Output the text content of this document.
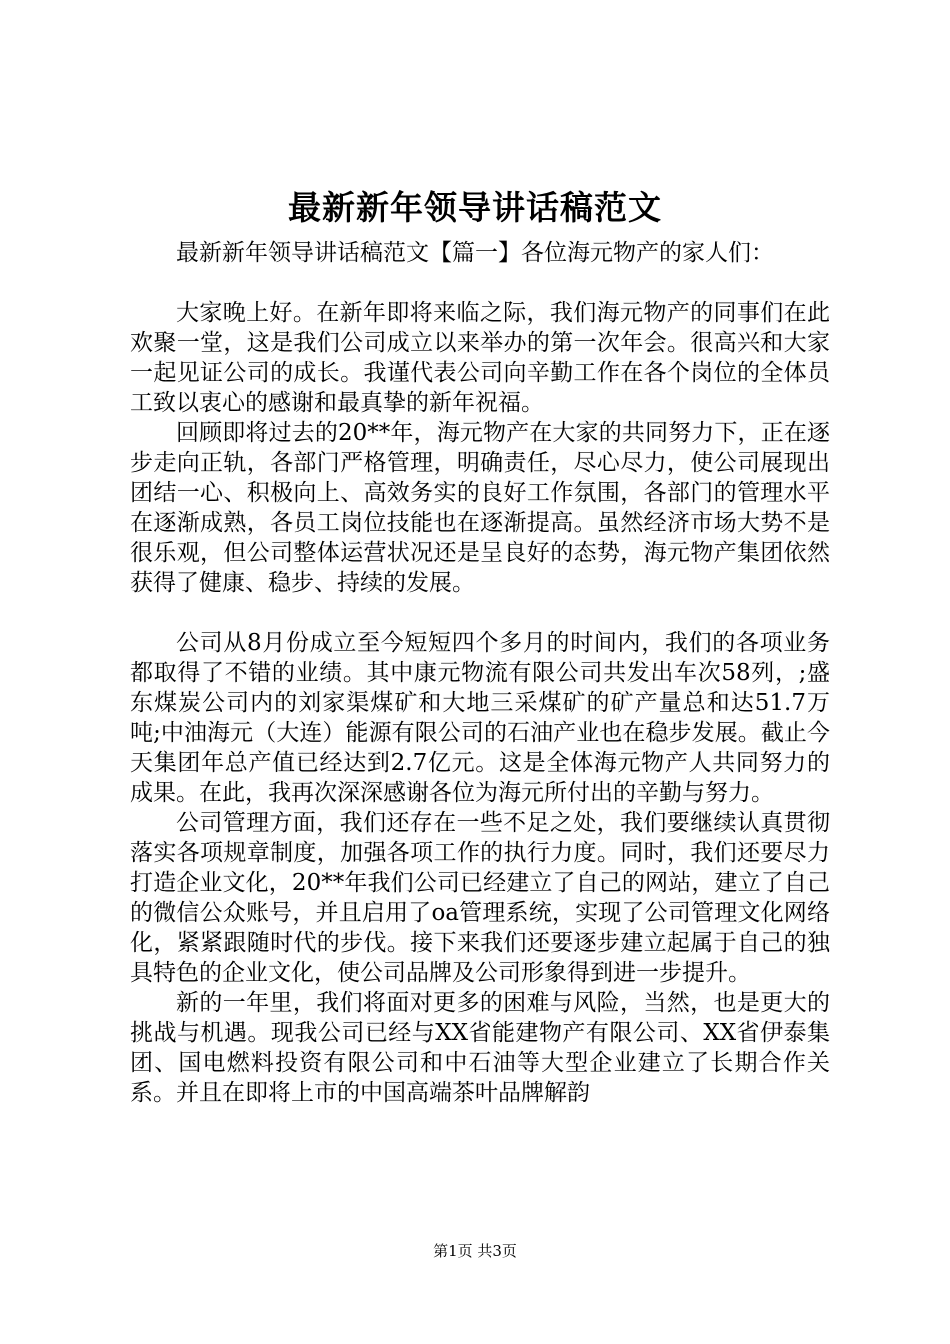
最新新年领导讲话稿范文

最新新年领导讲话稿范文【篇一】各位海元物产的家人们：

大家晚上好。在新年即将来临之际，我们海元物产的同事们在此欢聚一堂，这是我们公司成立以来举办的第一次年会。很高兴和大家一起见证公司的成长。我谨代表公司向辛勤工作在各个岗位的全体员工致以衷心的感谢和最真挚的新年祝福。

回顾即将过去的20**年，海元物产在大家的共同努力下，正在逐步走向正轨，各部门严格管理，明确责任，尽心尽力，使公司展现出团结一心、积极向上、高效务实的良好工作氛围，各部门的管理水平在逐渐成熟，各员工岗位技能也在逐渐提高。虽然经济市场大势不是很乐观，但公司整体运营状况还是呈良好的态势，海元物产集团依然获得了健康、稳步、持续的发展。

公司从8月份成立至今短短四个多月的时间内，我们的各项业务都取得了不错的业绩。其中康元物流有限公司共发出车次58列，;盛东煤炭公司内的刘家渠煤矿和大地三采煤矿的矿产量总和达51.7万吨;中油海元（大连）能源有限公司的石油产业也在稳步发展。截止今天集团年总产值已经达到2.7亿元。这是全体海元物产人共同努力的成果。在此，我再次深深感谢各位为海元所付出的辛勤与努力。

公司管理方面，我们还存在一些不足之处，我们要继续认真贯彻落实各项规章制度，加强各项工作的执行力度。同时，我们还要尽力打造企业文化，20**年我们公司已经建立了自己的网站，建立了自己的微信公众账号，并且启用了oa管理系统，实现了公司管理文化网络化，紧紧跟随时代的步伐。接下来我们还要逐步建立起属于自己的独具特色的企业文化，使公司品牌及公司形象得到进一步提升。

新的一年里，我们将面对更多的困难与风险，当然，也是更大的挑战与机遇。现我公司已经与XX省能建物产有限公司、XX省伊泰集团、国电燃料投资有限公司和中石油等大型企业建立了长期合作关系。并且在即将上市的中国高端茶叶品牌解韵

第1页 共3页
